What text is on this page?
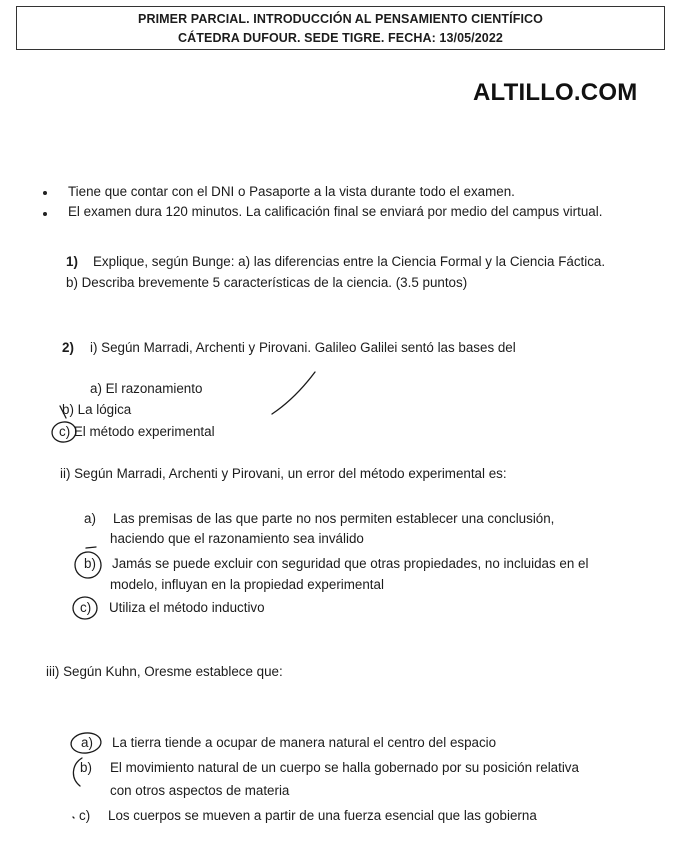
PRIMER PARCIAL. INTRODUCCIÓN AL PENSAMIENTO CIENTÍFICO
CÁTEDRA DUFOUR. SEDE TIGRE. FECHA: 13/05/2022
ALTILLO.COM
Tiene que contar con el DNI o Pasaporte a la vista durante todo el examen.
El examen dura 120 minutos. La calificación final se enviará por medio del campus virtual.
1) Explique, según Bunge: a) las diferencias entre la Ciencia Formal y la Ciencia Fáctica.
b) Describa brevemente 5 características de la ciencia. (3.5 puntos)
2) i) Según Marradi, Archenti y Pirovani. Galileo Galilei sentó las bases del
a) El razonamiento
b) La lógica
c) El método experimental
ii) Según Marradi, Archenti y Pirovani, un error del método experimental es:
a) Las premisas de las que parte no nos permiten establecer una conclusión,
haciendo que el razonamiento sea inválido
b) Jamás se puede excluir con seguridad que otras propiedades, no incluidas en el
modelo, influyan en la propiedad experimental
c) Utiliza el método inductivo
iii) Según Kuhn, Oresme establece que:
a) La tierra tiende a ocupar de manera natural el centro del espacio
b) El movimiento natural de un cuerpo se halla gobernado por su posición relativa
con otros aspectos de materia
c) Los cuerpos se mueven a partir de una fuerza esencial que las gobierna
